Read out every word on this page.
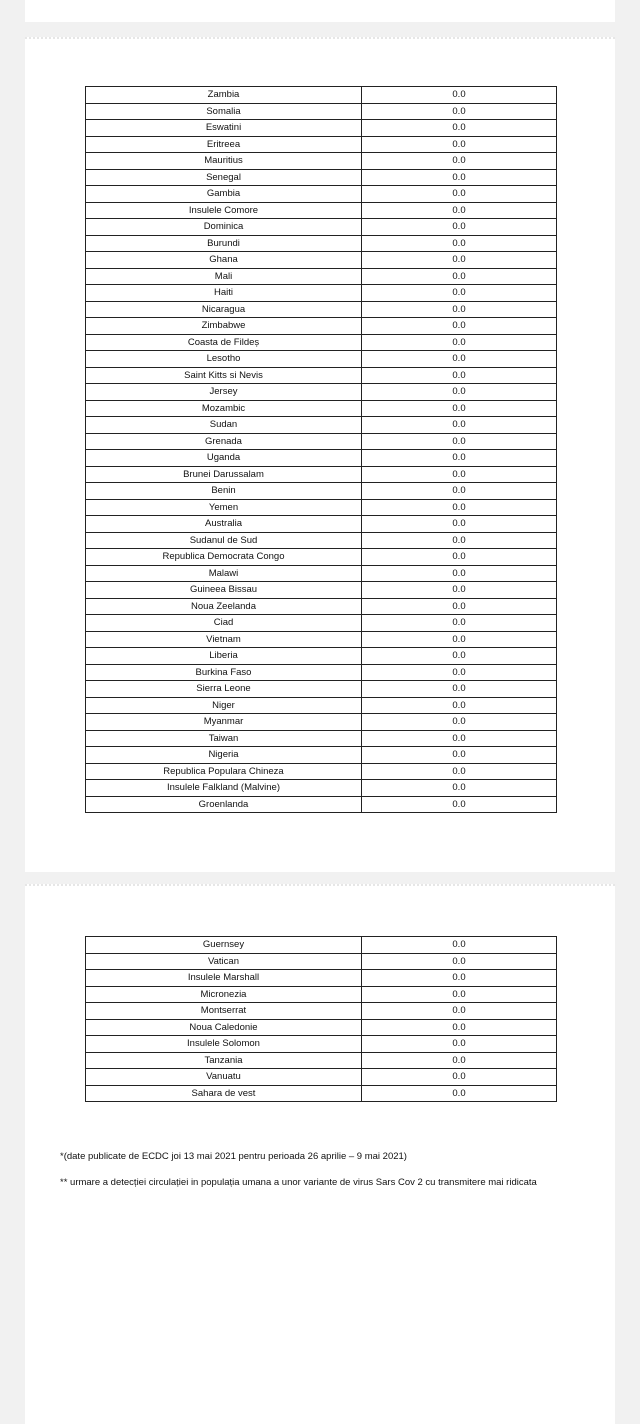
Zambia	0.0
Somalia	0.0
Eswatini	0.0
Eritreea	0.0
Mauritius	0.0
Senegal	0.0
Gambia	0.0
Insulele Comore	0.0
Dominica	0.0
Burundi	0.0
Ghana	0.0
Mali	0.0
Haiti	0.0
Nicaragua	0.0
Zimbabwe	0.0
Coasta de Fildeș	0.0
Lesotho	0.0
Saint Kitts si Nevis	0.0
Jersey	0.0
Mozambic	0.0
Sudan	0.0
Grenada	0.0
Uganda	0.0
Brunei Darussalam	0.0
Benin	0.0
Yemen	0.0
Australia	0.0
Sudanul de Sud	0.0
Republica Democrata Congo	0.0
Malawi	0.0
Guineea Bissau	0.0
Noua Zeelanda	0.0
Ciad	0.0
Vietnam	0.0
Liberia	0.0
Burkina Faso	0.0
Sierra Leone	0.0
Niger	0.0
Myanmar	0.0
Taiwan	0.0
Nigeria	0.0
Republica Populara Chineza	0.0
Insulele Falkland (Malvine)	0.0
Groenlanda	0.0
Guernsey	0.0
Vatican	0.0
Insulele Marshall	0.0
Micronezia	0.0
Montserrat	0.0
Noua Caledonie	0.0
Insulele Solomon	0.0
Tanzania	0.0
Vanuatu	0.0
Sahara de vest	0.0
*(date publicate de ECDC joi 13 mai 2021 pentru perioada 26 aprilie – 9 mai 2021)
** urmare a detecției circulației in populația umana a unor variante de virus Sars Cov 2 cu transmitere mai ridicata
